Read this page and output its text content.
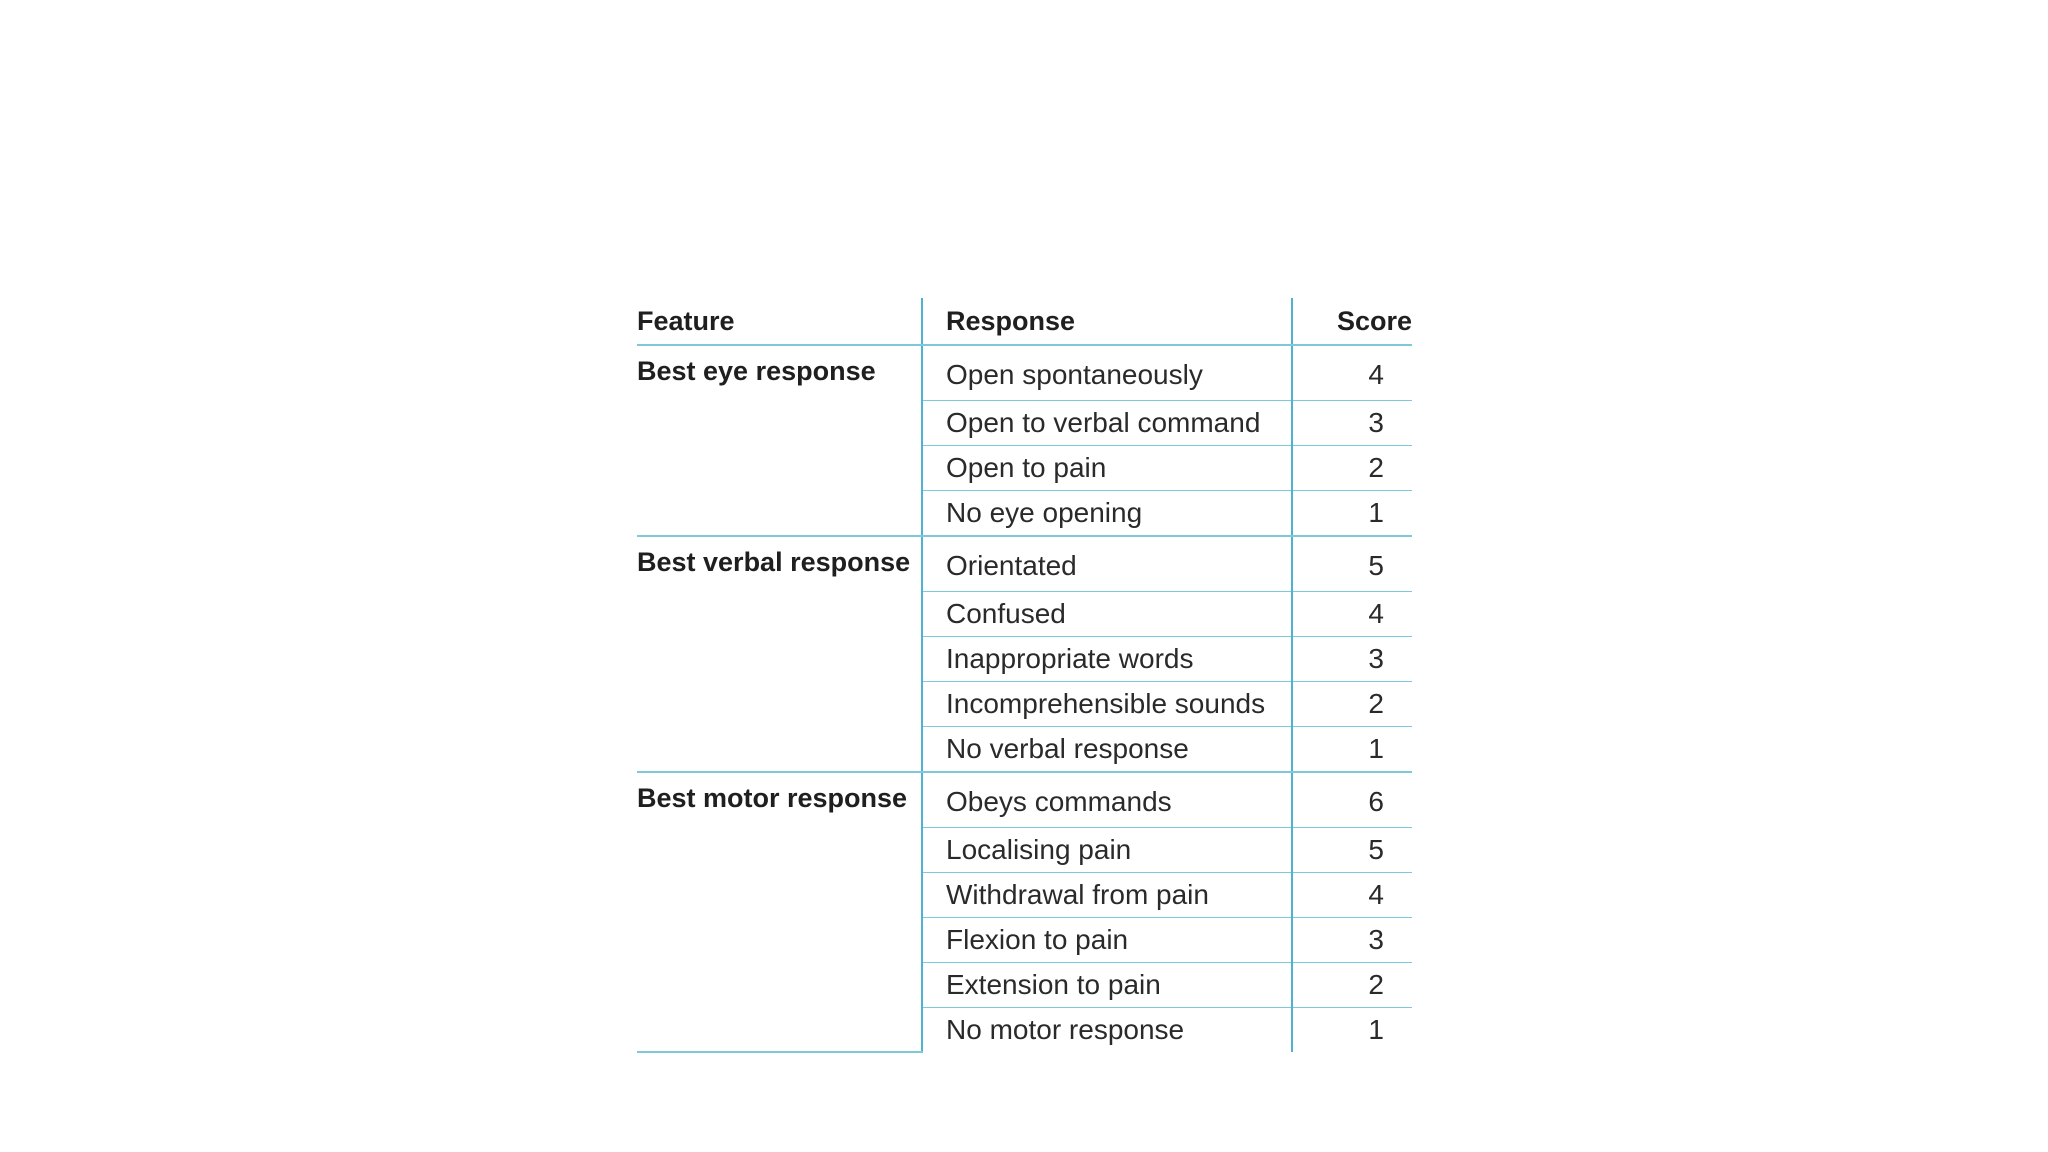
Feature	Response	Score
Best eye response	Open spontaneously	4
	Open to verbal command	3
	Open to pain	2
	No eye opening	1
Best verbal response	Orientated	5
	Confused	4
	Inappropriate words	3
	Incomprehensible sounds	2
	No verbal response	1
Best motor response	Obeys commands	6
	Localising pain	5
	Withdrawal from pain	4
	Flexion to pain	3
	Extension to pain	2
	No motor response	1
